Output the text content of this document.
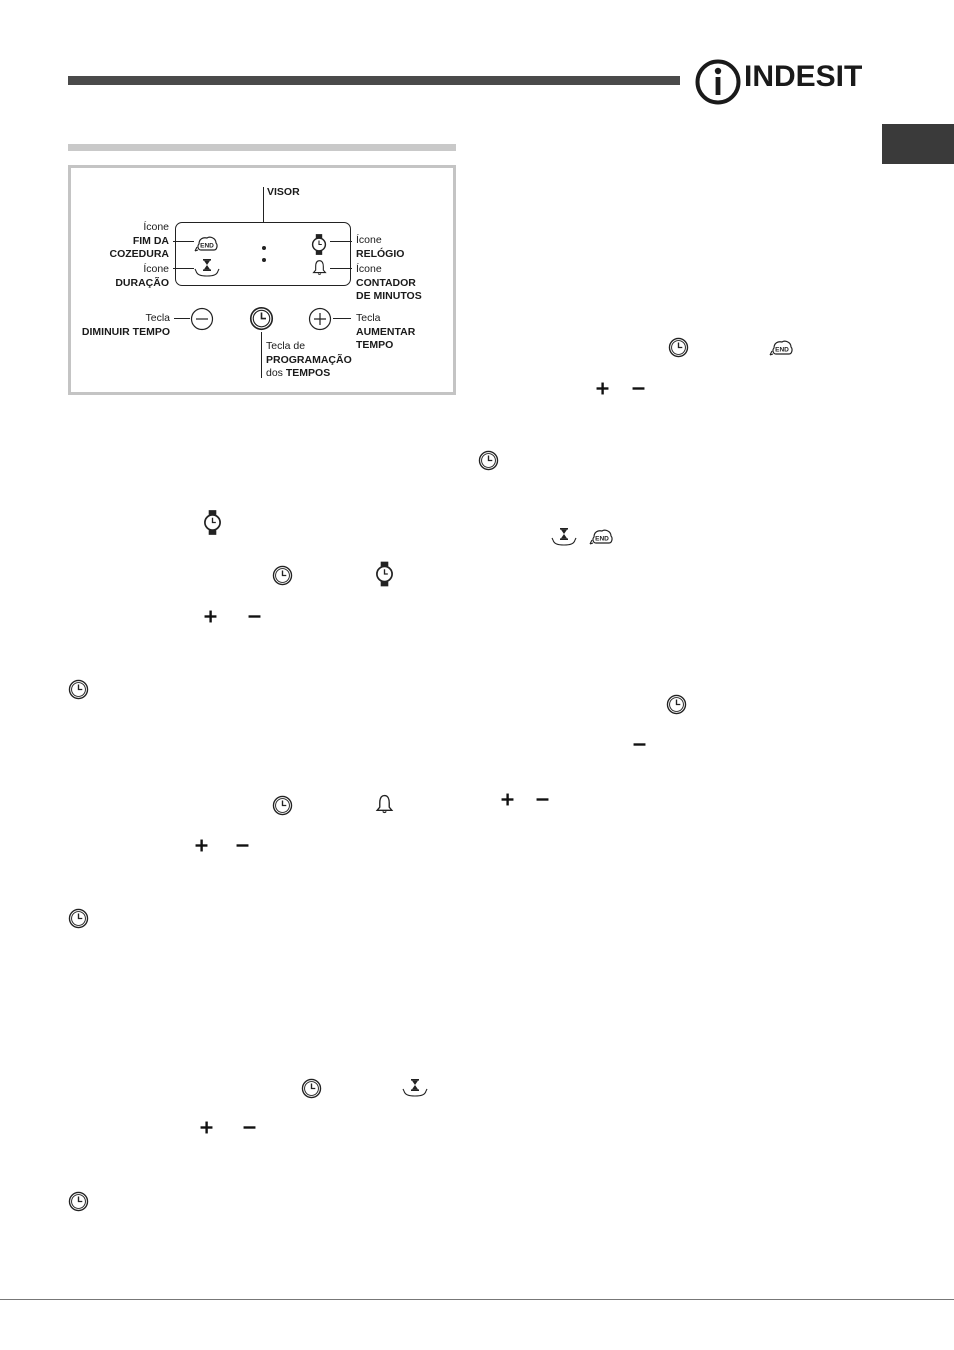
INDESIT
VISOR
Ícone
FIM DA
COZEDURA
Ícone
DURAÇÃO
Ícone
RELÓGIO
Ícone
CONTADOR
DE MINUTOS
Tecla
DIMINUIR TEMPO
Tecla de
PROGRAMAÇÃO
dos TEMPOS
Tecla
AUMENTAR
TEMPO
